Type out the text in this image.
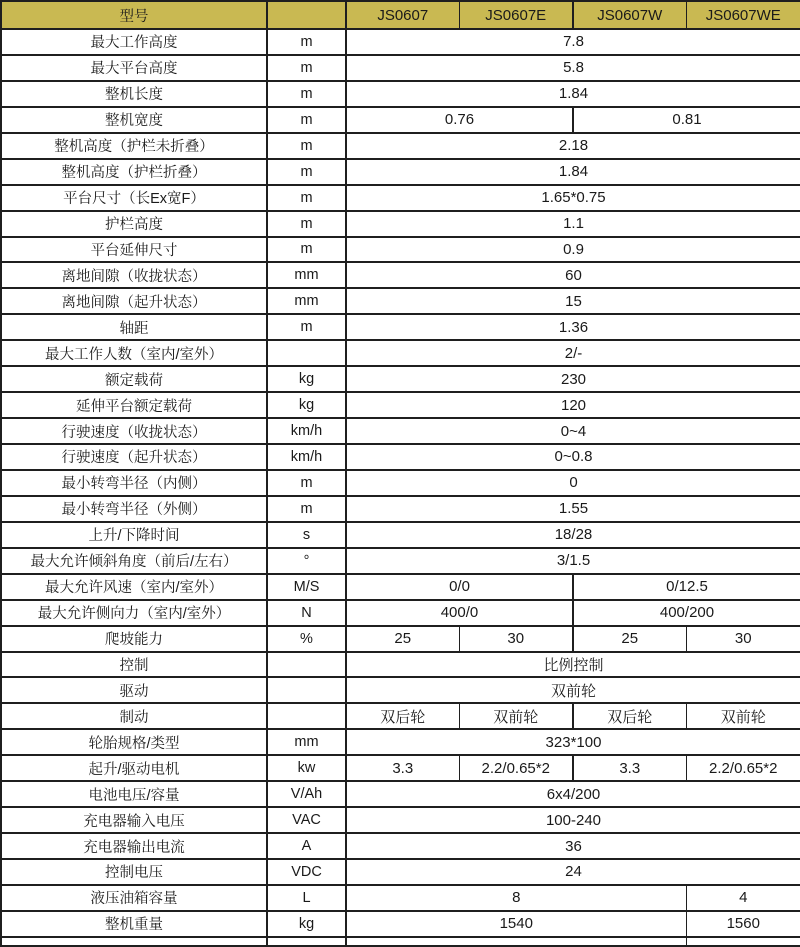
型号		JS0607	JS0607E	JS0607W	JS0607WE
最大工作高度	m	7.8			
最大平台高度	m	5.8			
整机长度	m	1.84			
整机宽度	m	0.76		0.81	
整机高度（护栏未折叠）	m	2.18			
整机高度（护栏折叠）	m	1.84			
平台尺寸（长Ex宽F）	m	1.65*0.75			
护栏高度	m	1.1			
平台延伸尺寸	m	0.9			
离地间隙（收拢状态）	mm	60			
离地间隙（起升状态）	mm	15			
轴距	m	1.36			
最大工作人数（室内/室外）		2/-			
额定载荷	kg	230			
延伸平台额定载荷	kg	120			
行驶速度（收拢状态）	km/h	0~4			
行驶速度（起升状态）	km/h	0~0.8			
最小转弯半径（内侧）	m	0			
最小转弯半径（外侧）	m	1.55			
上升/下降时间	s	18/28			
最大允许倾斜角度（前后/左右）	°	3/1.5			
最大允许风速（室内/室外）	M/S	0/0		0/12.5	
最大允许侧向力（室内/室外）	N	400/0		400/200	
爬坡能力	%	25	30	25	30
控制		比例控制			
驱动		双前轮			
制动		双后轮	双前轮	双后轮	双前轮
轮胎规格/类型	mm	323*100			
起升/驱动电机	kw	3.3	2.2/0.65*2	3.3	2.2/0.65*2
电池电压/容量	V/Ah	6x4/200			
充电器输入电压	VAC	100-240			
充电器输出电流	A	36			
控制电压	VDC	24			
液压油箱容量	L	8			4
整机重量	kg	1540			1560
